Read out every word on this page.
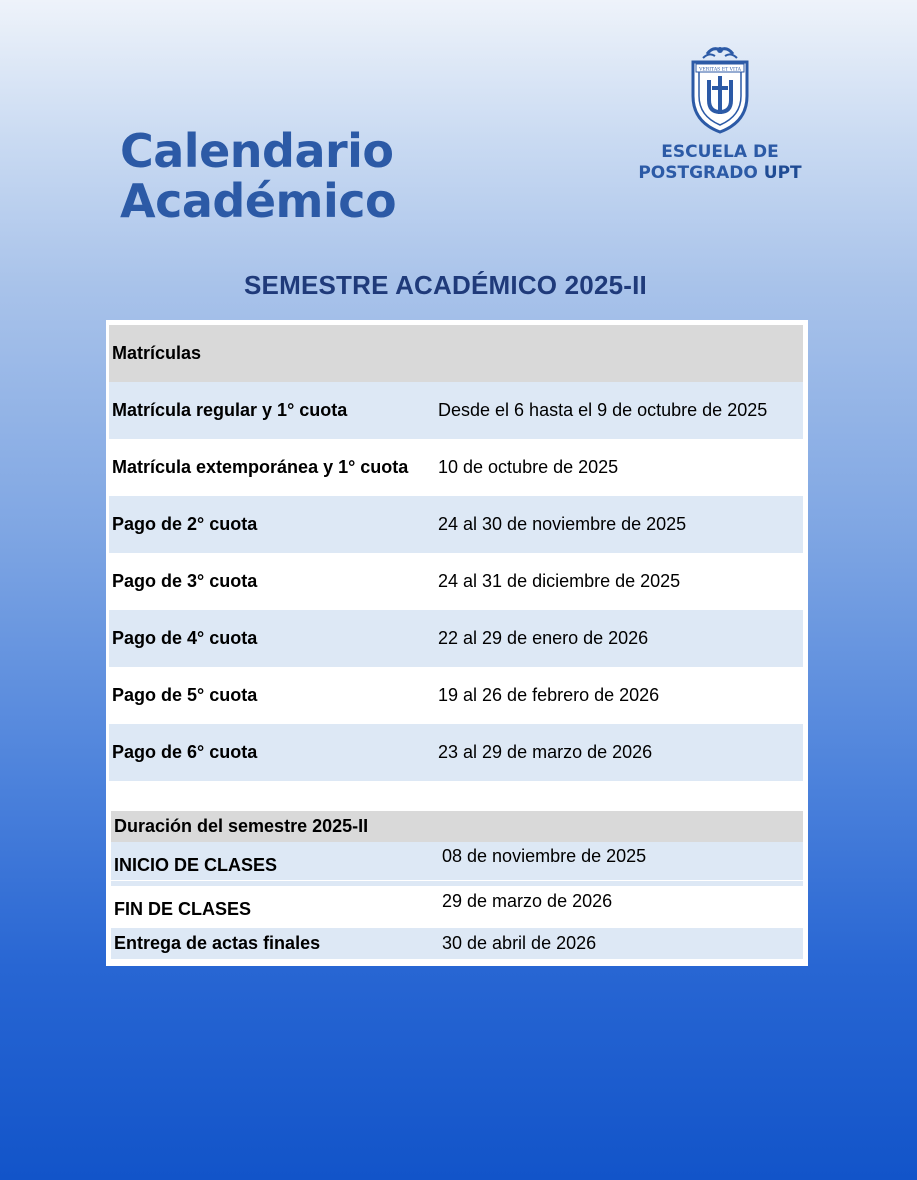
Calendario
Académico
VERITAS ET VITA
ESCUELA DE
POSTGRADO UPT
SEMESTRE ACADÉMICO 2025-II
Matrículas
Matrícula regular y 1° cuota	Desde el 6 hasta el 9 de octubre de 2025
Matrícula extemporánea y 1° cuota	10 de octubre de 2025
Pago de 2° cuota	24 al 30 de noviembre de 2025
Pago de 3° cuota	24 al 31 de diciembre de 2025
Pago de 4° cuota	22 al 29 de enero de 2026
Pago de 5° cuota	19 al 26 de febrero de 2026
Pago de 6° cuota	23 al 29 de marzo de 2026
Duración del semestre 2025-II
INICIO DE CLASES	08 de noviembre de 2025
FIN DE CLASES	29 de marzo de 2026
Entrega de actas finales	30 de abril de 2026
